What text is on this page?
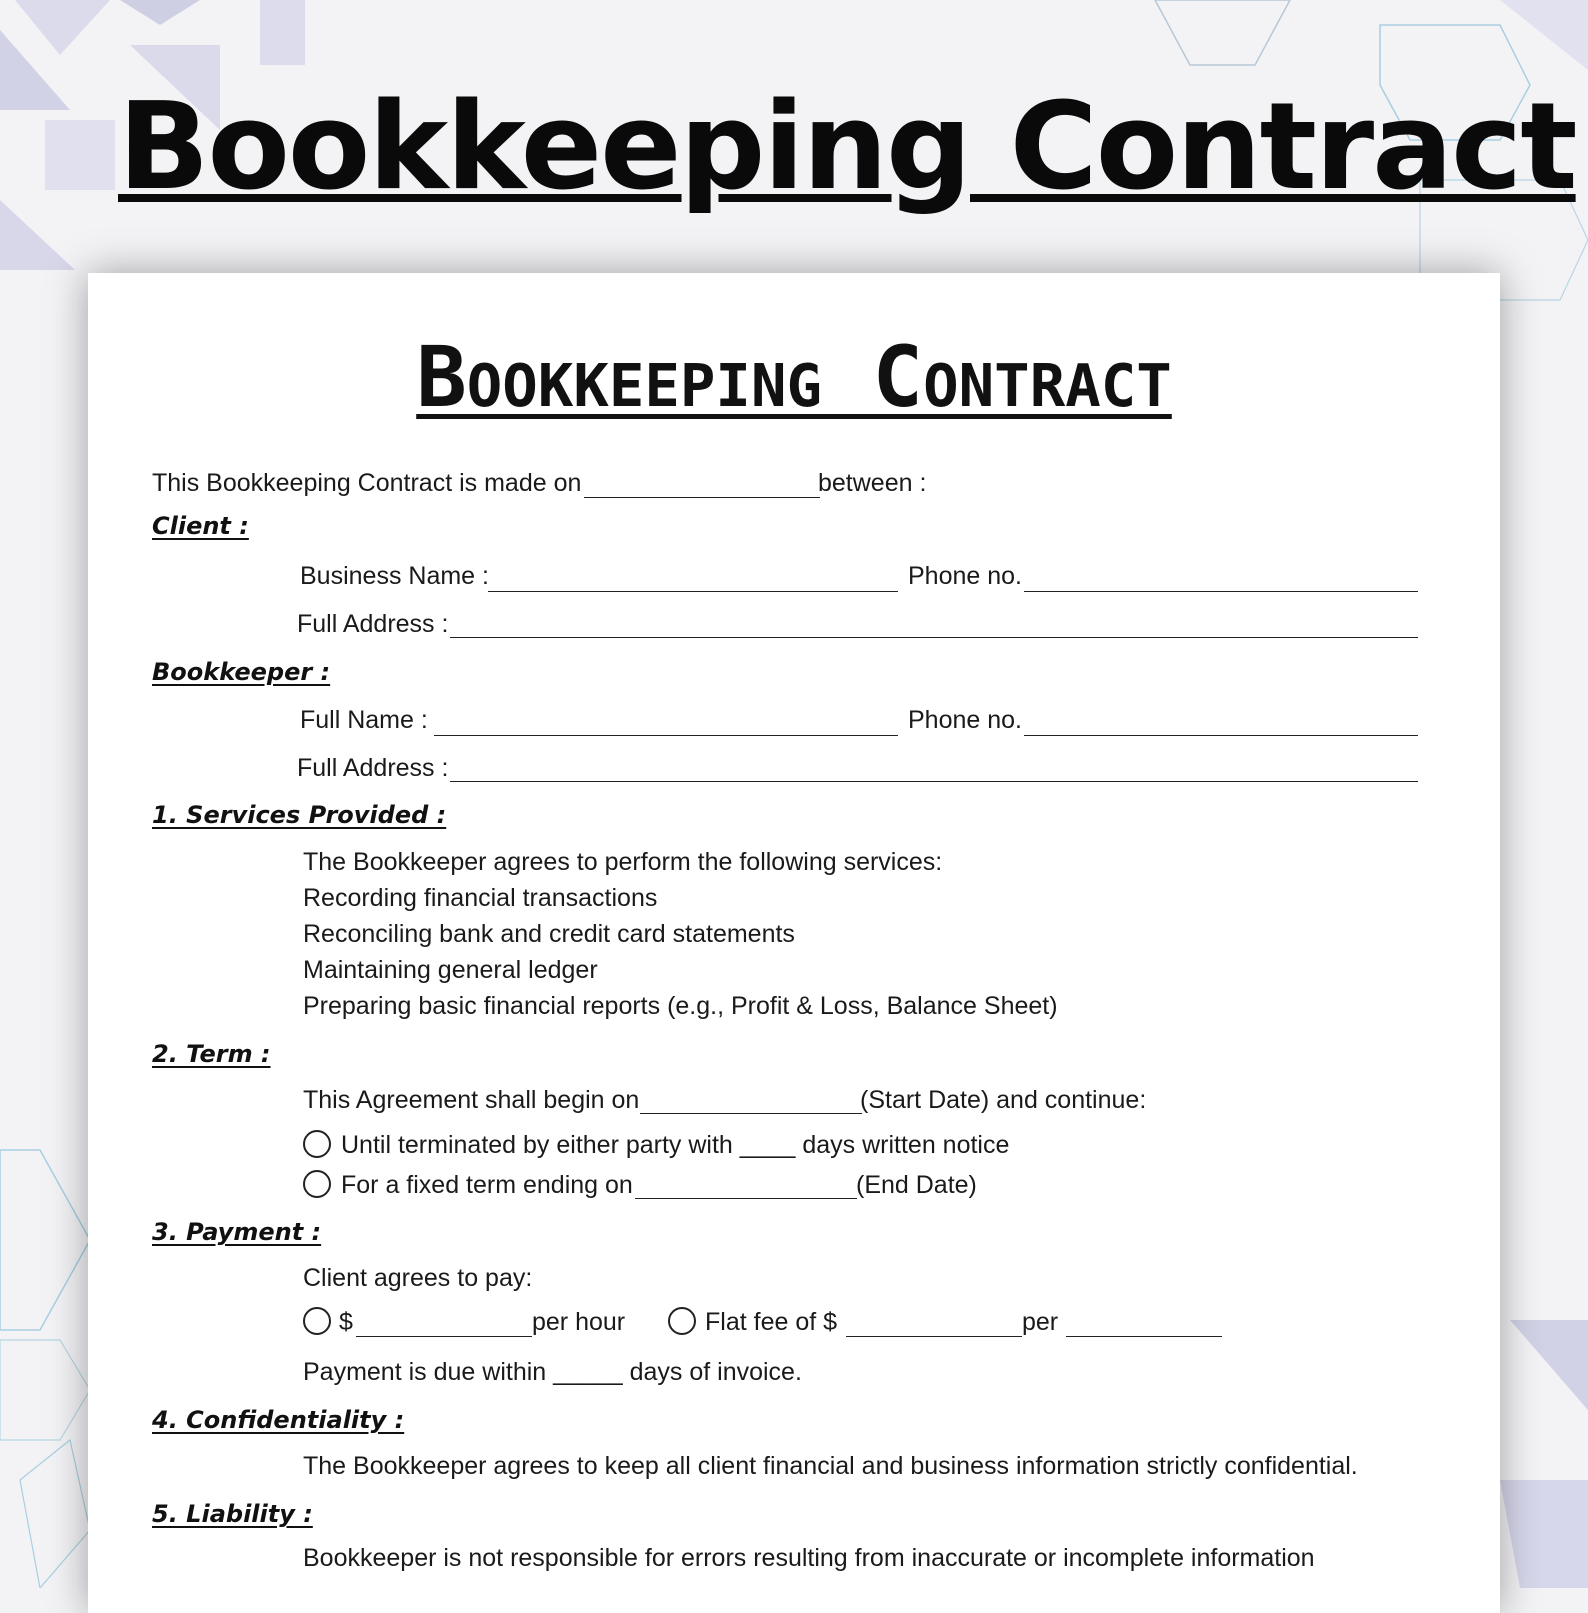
Bookkeeping Contract
Bookkeeping Contract
This Bookkeeping Contract is made on	between :
Client :
Business Name :	Phone no.
Full Address :
Bookkeeper :
Full Name :	Phone no.
Full Address :
1. Services Provided :
The Bookkeeper agrees to perform the following services:
Recording financial transactions
Reconciling bank and credit card statements
Maintaining general ledger
Preparing basic financial reports (e.g., Profit & Loss, Balance Sheet)
2. Term :
This Agreement shall begin on	(Start Date) and continue:
Until terminated by either party with ____ days written notice
For a fixed term ending on	(End Date)
3. Payment :
Client agrees to pay:
$	per hour	Flat fee of $	per
Payment is due within _____ days of invoice.
4. Confidentiality :
The Bookkeeper agrees to keep all client financial and business information strictly confidential.
5. Liability :
Bookkeeper is not responsible for errors resulting from inaccurate or incomplete information
